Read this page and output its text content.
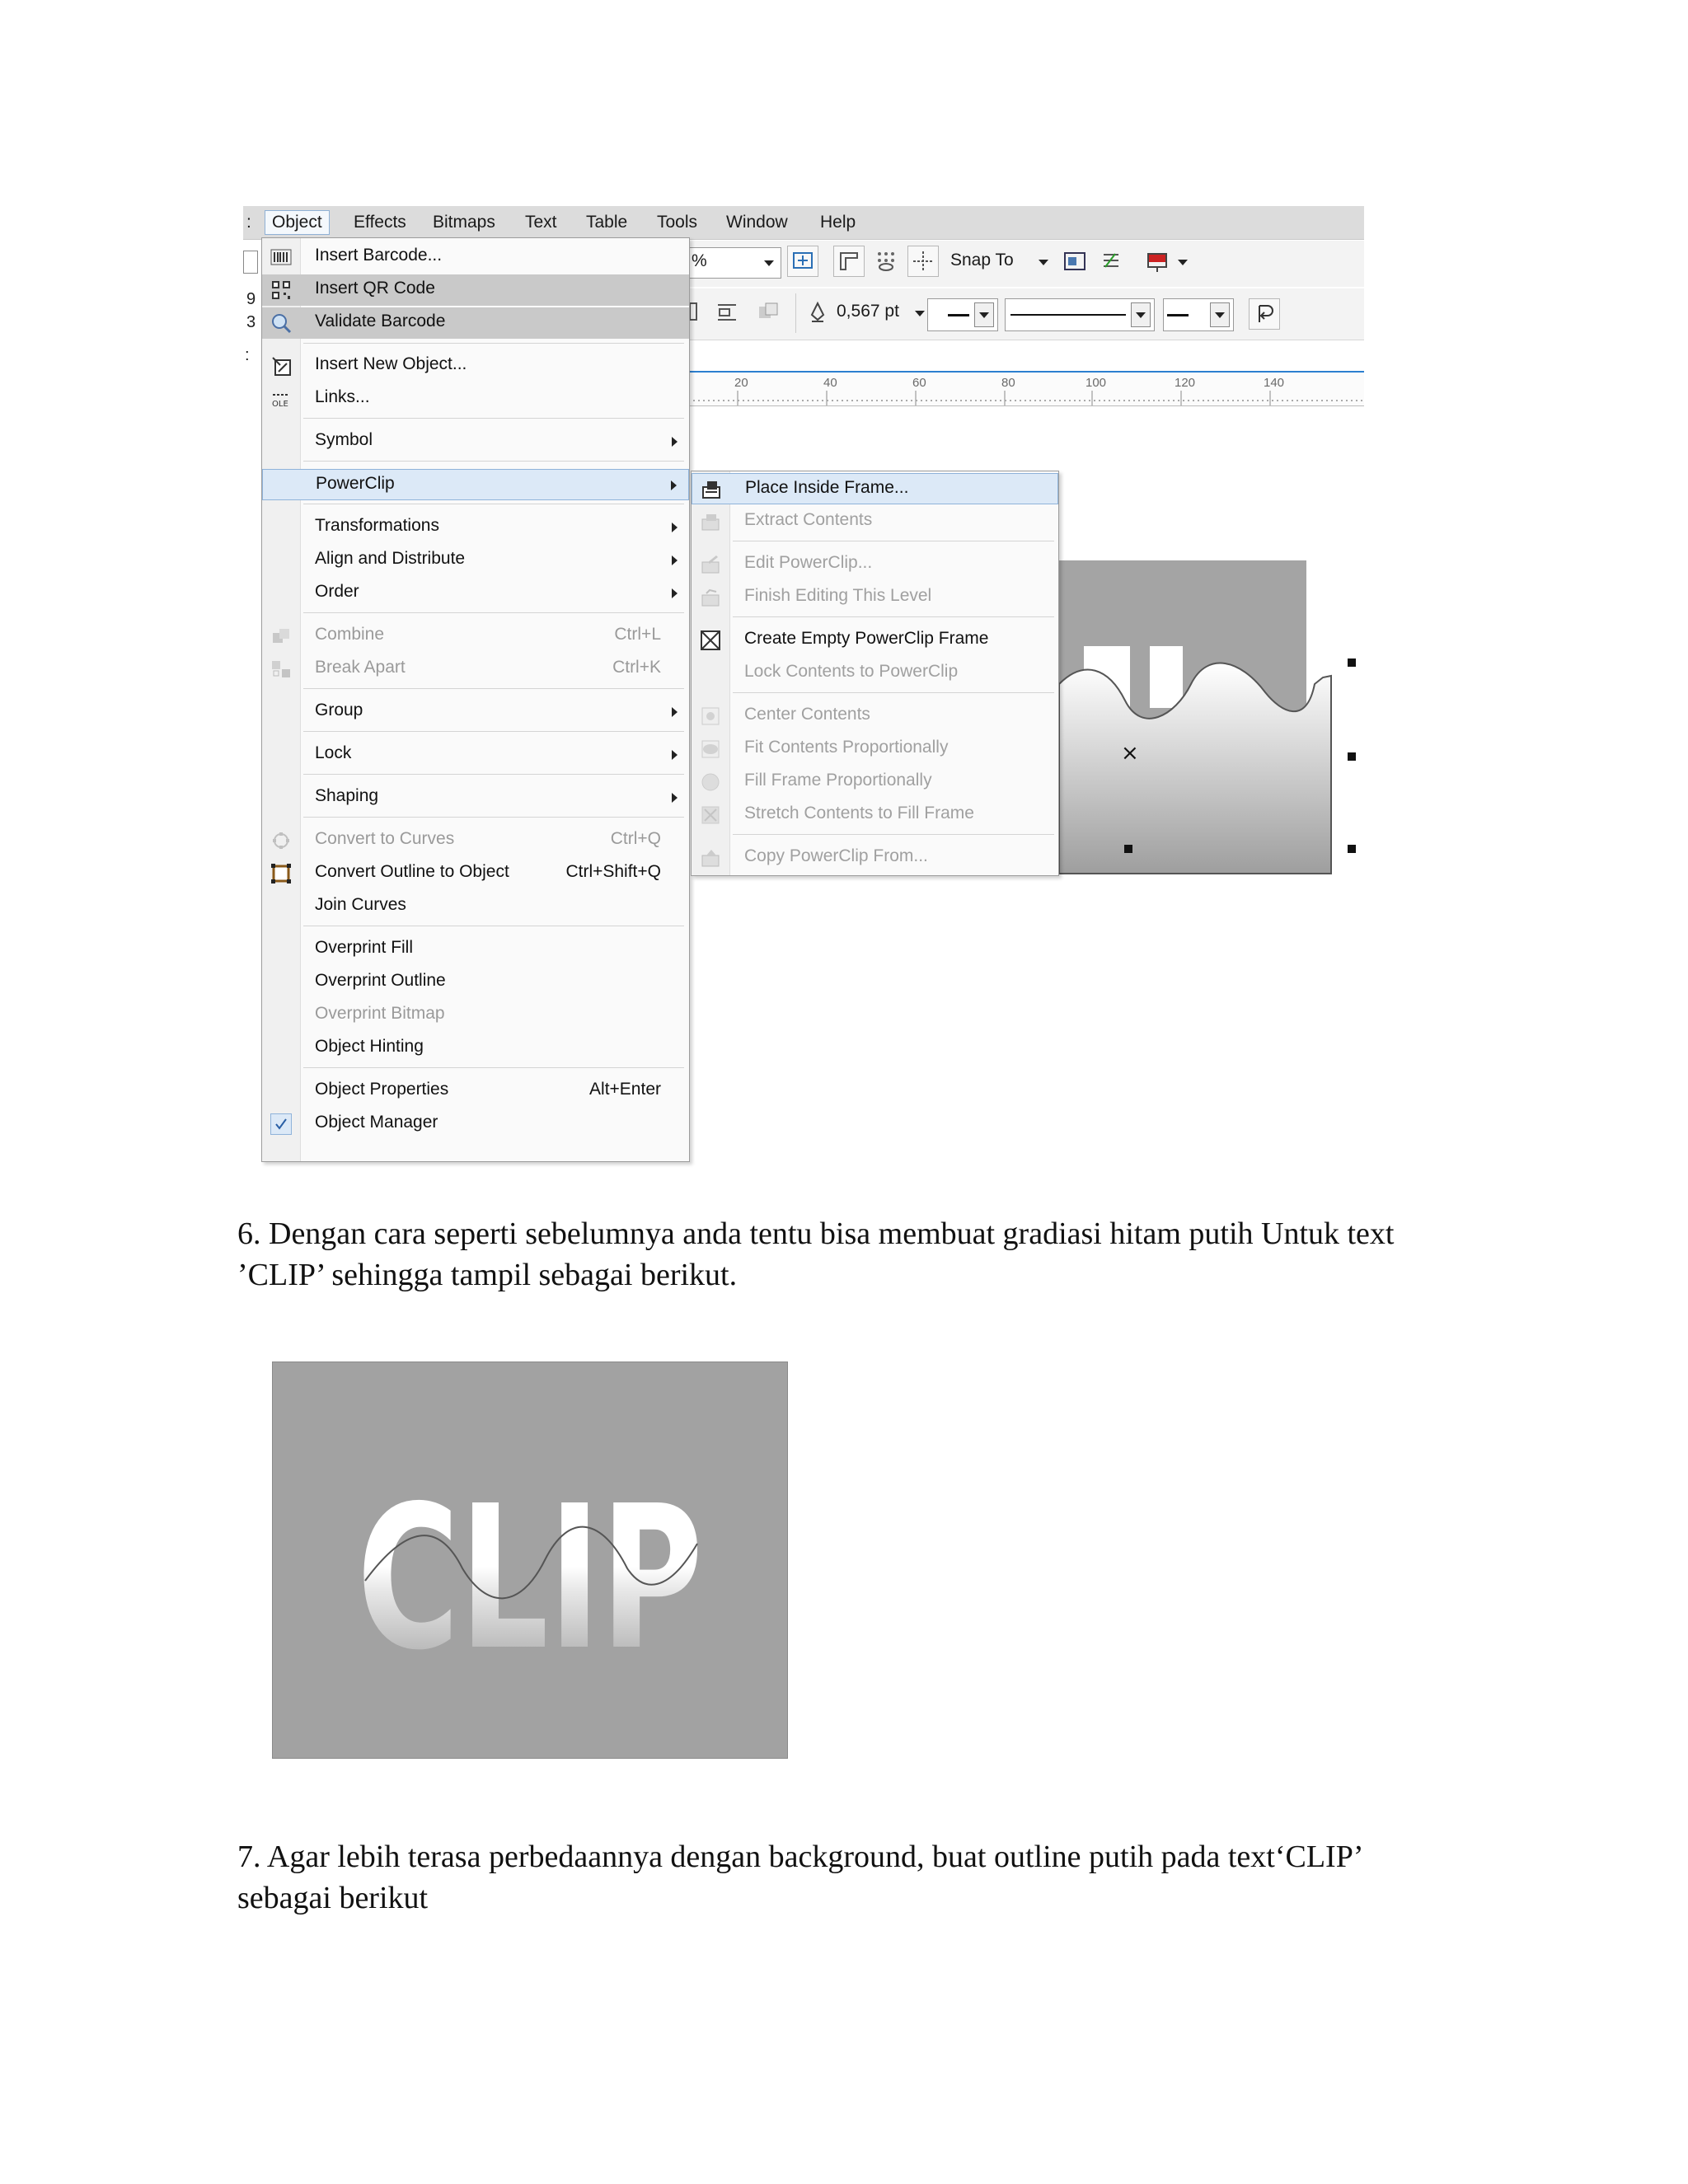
:	Object	Effects	Bitmaps	Text	Table	Tools	Window	Help
9
3
:
%	Snap To
0,567 pt
20	40	60	80	100	120	140
×
Insert Barcode...
Insert QR Code
Validate Barcode
Insert New Object...
OLE Links...
Symbol
PowerClip
Transformations
Align and Distribute
Order
Combine	Ctrl+L
Break Apart	Ctrl+K
Group
Lock
Shaping
Convert to Curves	Ctrl+Q
Convert Outline to Object	Ctrl+Shift+Q
Join Curves
Overprint Fill
Overprint Outline
Overprint Bitmap
Object Hinting
Object Properties	Alt+Enter
Object Manager
Place Inside Frame...
Extract Contents
Edit PowerClip...
Finish Editing This Level
Create Empty PowerClip Frame
Lock Contents to PowerClip
Center Contents
Fit Contents Proportionally
Fill Frame Proportionally
Stretch Contents to Fill Frame
Copy PowerClip From...
6. Dengan cara seperti sebelumnya anda tentu bisa membuat gradiasi hitam putih Untuk text
’CLIP’ sehingga tampil sebagai berikut.
CLIP
7. Agar lebih terasa perbedaannya dengan background, buat outline putih pada text‘CLIP’
sebagai berikut
